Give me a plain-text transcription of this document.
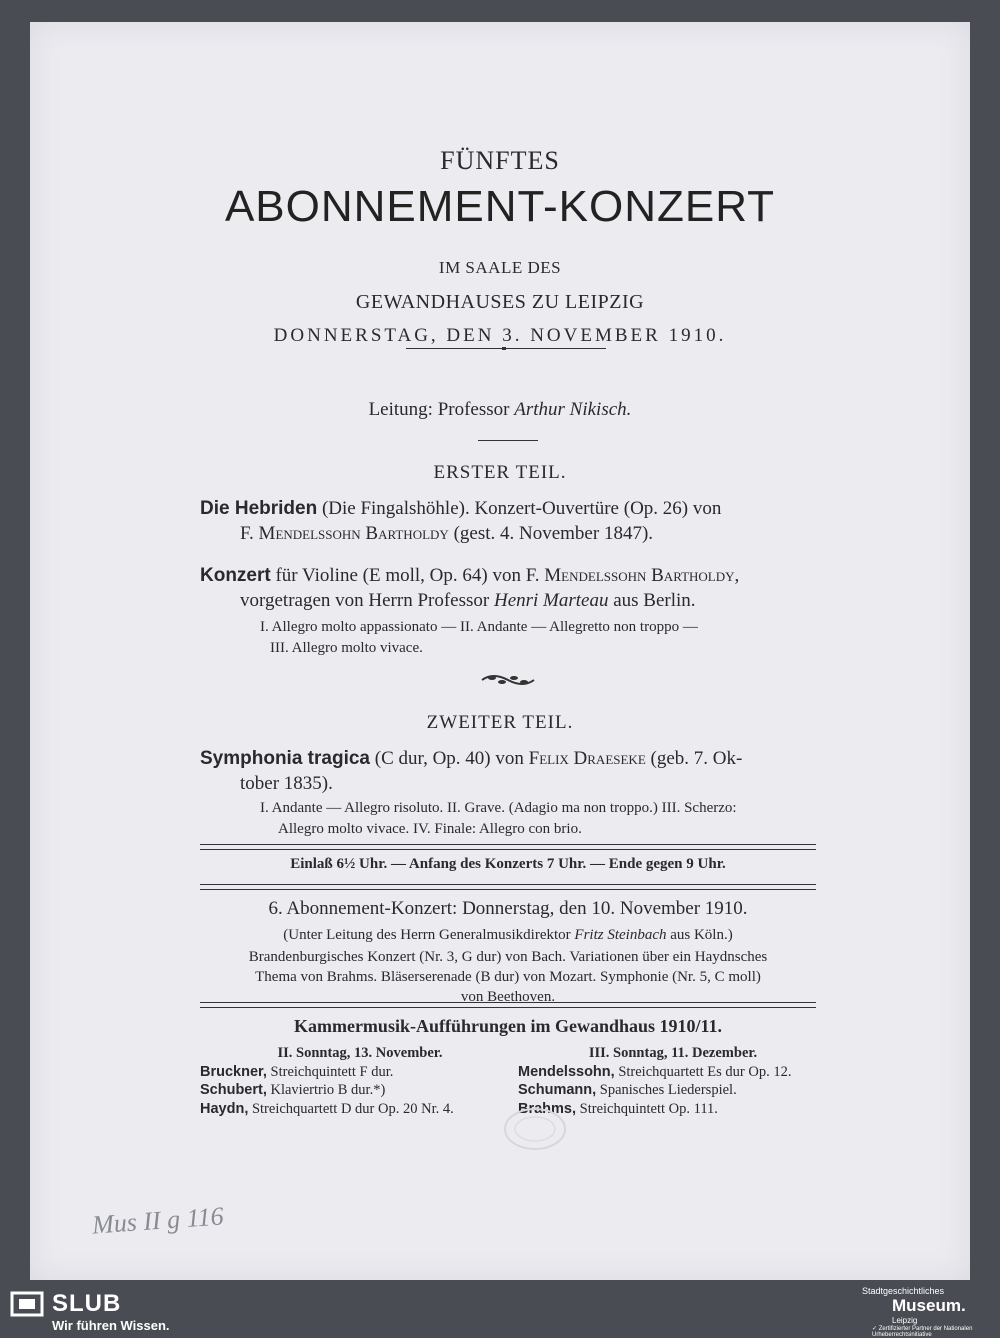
FÜNFTES
ABONNEMENT-KONZERT
IM SAALE DES
GEWANDHAUSES ZU LEIPZIG
DONNERSTAG, DEN 3. NOVEMBER 1910.
Leitung: Professor Arthur Nikisch.
ERSTER TEIL.
Die Hebriden (Die Fingalshöhle). Konzert-Ouvertüre (Op. 26) von
F. Mendelssohn Bartholdy (gest. 4. November 1847).
Konzert für Violine (E moll, Op. 64) von F. Mendelssohn Bartholdy,
vorgetragen von Herrn Professor Henri Marteau aus Berlin.
I. Allegro molto appassionato — II. Andante — Allegretto non troppo —
III. Allegro molto vivace.
ZWEITER TEIL.
Symphonia tragica (C dur, Op. 40) von Felix Draeseke (geb. 7. Ok-
tober 1835).
I. Andante — Allegro risoluto. II. Grave. (Adagio ma non troppo.) III. Scherzo:
Allegro molto vivace. IV. Finale: Allegro con brio.
Einlaß 6½ Uhr. — Anfang des Konzerts 7 Uhr. — Ende gegen 9 Uhr.
6. Abonnement-Konzert: Donnerstag, den 10. November 1910.
(Unter Leitung des Herrn Generalmusikdirektor Fritz Steinbach aus Köln.)
Brandenburgisches Konzert (Nr. 3, G dur) von Bach. Variationen über ein Haydnsches
Thema von Brahms. Bläserserenade (B dur) von Mozart. Symphonie (Nr. 5, C moll)
von Beethoven.
Kammermusik-Aufführungen im Gewandhaus 1910/11.
II. Sonntag, 13. November.
Bruckner, Streichquintett F dur.
Schubert, Klaviertrio B dur.*)
Haydn, Streichquartett D dur Op. 20 Nr. 4.
III. Sonntag, 11. Dezember.
Mendelssohn, Streichquartett Es dur Op. 12.
Schumann, Spanisches Liederspiel.
Brahms, Streichquintett Op. 111.
Mus II g 116
SLUB
Wir führen Wissen.
Stadtgeschichtliches
Museum.
Leipzig
✓ Zertifizierter Partner der Nationalen Urheberrechtsinitiative
